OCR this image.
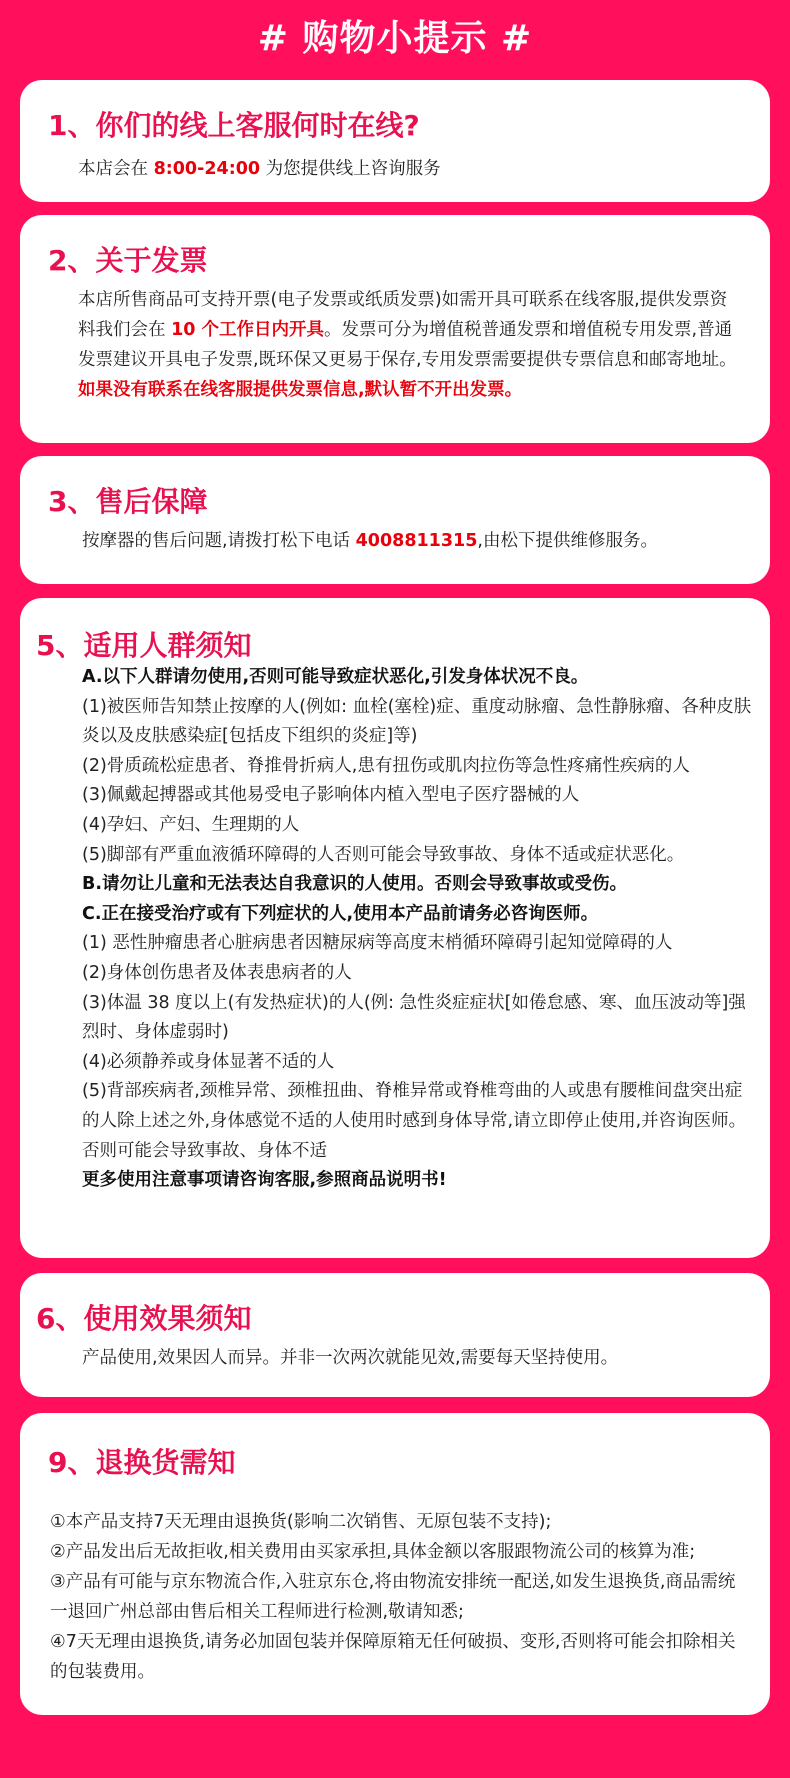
# 购物小提示 #
1、你们的线上客服何时在线?
本店会在 8:00-24:00 为您提供线上咨询服务
2、关于发票
本店所售商品可支持开票(电子发票或纸质发票)如需开具可联系在线客服,提供发票资料我们会在 10 个工作日内开具。发票可分为增值税普通发票和增值税专用发票,普通发票建议开具电子发票,既环保又更易于保存,专用发票需要提供专票信息和邮寄地址。如果没有联系在线客服提供发票信息,默认暂不开出发票。
3、售后保障
按摩器的售后问题,请拨打松下电话 4008811315,由松下提供维修服务。
5、适用人群须知

A.以下人群请勿使用,否则可能导致症状恶化,引发身体状况不良。

(1)被医师告知禁止按摩的人(例如: 血栓(塞栓)症、重度动脉瘤、急性静脉瘤、各种皮肤炎以及皮肤感染症[包括皮下组织的炎症]等)

(2)骨质疏松症患者、脊推骨折病人,患有扭伤或肌肉拉伤等急性疼痛性疾病的人

(3)佩戴起搏器或其他易受电子影响体内植入型电子医疗器械的人

(4)孕妇、产妇、生理期的人

(5)脚部有严重血液循环障碍的人否则可能会导致事故、身体不适或症状恶化。

B.请勿让儿童和无法表达自我意识的人使用。否则会导致事故或受伤。

C.正在接受治疗或有下列症状的人,使用本产品前请务必咨询医师。

(1) 恶性肿瘤患者心脏病患者因糖尿病等高度末梢循环障碍引起知觉障碍的人

(2)身体创伤患者及体表患病者的人

(3)体温 38 度以上(有发热症状)的人(例: 急性炎症症状[如倦怠感、寒、血压波动等]强烈时、身体虚弱时)

(4)必须静养或身体显著不适的人

(5)背部疾病者,颈椎异常、颈椎扭曲、脊椎异常或脊椎弯曲的人或患有腰椎间盘突出症的人除上述之外,身体感觉不适的人使用时感到身体导常,请立即停止使用,并咨询医师。否则可能会导致事故、身体不适

更多使用注意事项请咨询客服,参照商品说明书!

6、使用效果须知
产品使用,效果因人而异。并非一次两次就能见效,需要每天坚持使用。
9、退换货需知

①本产品支持7天无理由退换货(影响二次销售、无原包装不支持);

②产品发出后无故拒收,相关费用由买家承担,具体金额以客服跟物流公司的核算为准;

③产品有可能与京东物流合作,入驻京东仓,将由物流安排统一配送,如发生退换货,商品需统一退回广州总部由售后相关工程师进行检测,敬请知悉;

④7天无理由退换货,请务必加固包装并保障原箱无任何破损、变形,否则将可能会扣除相关的包装费用。
